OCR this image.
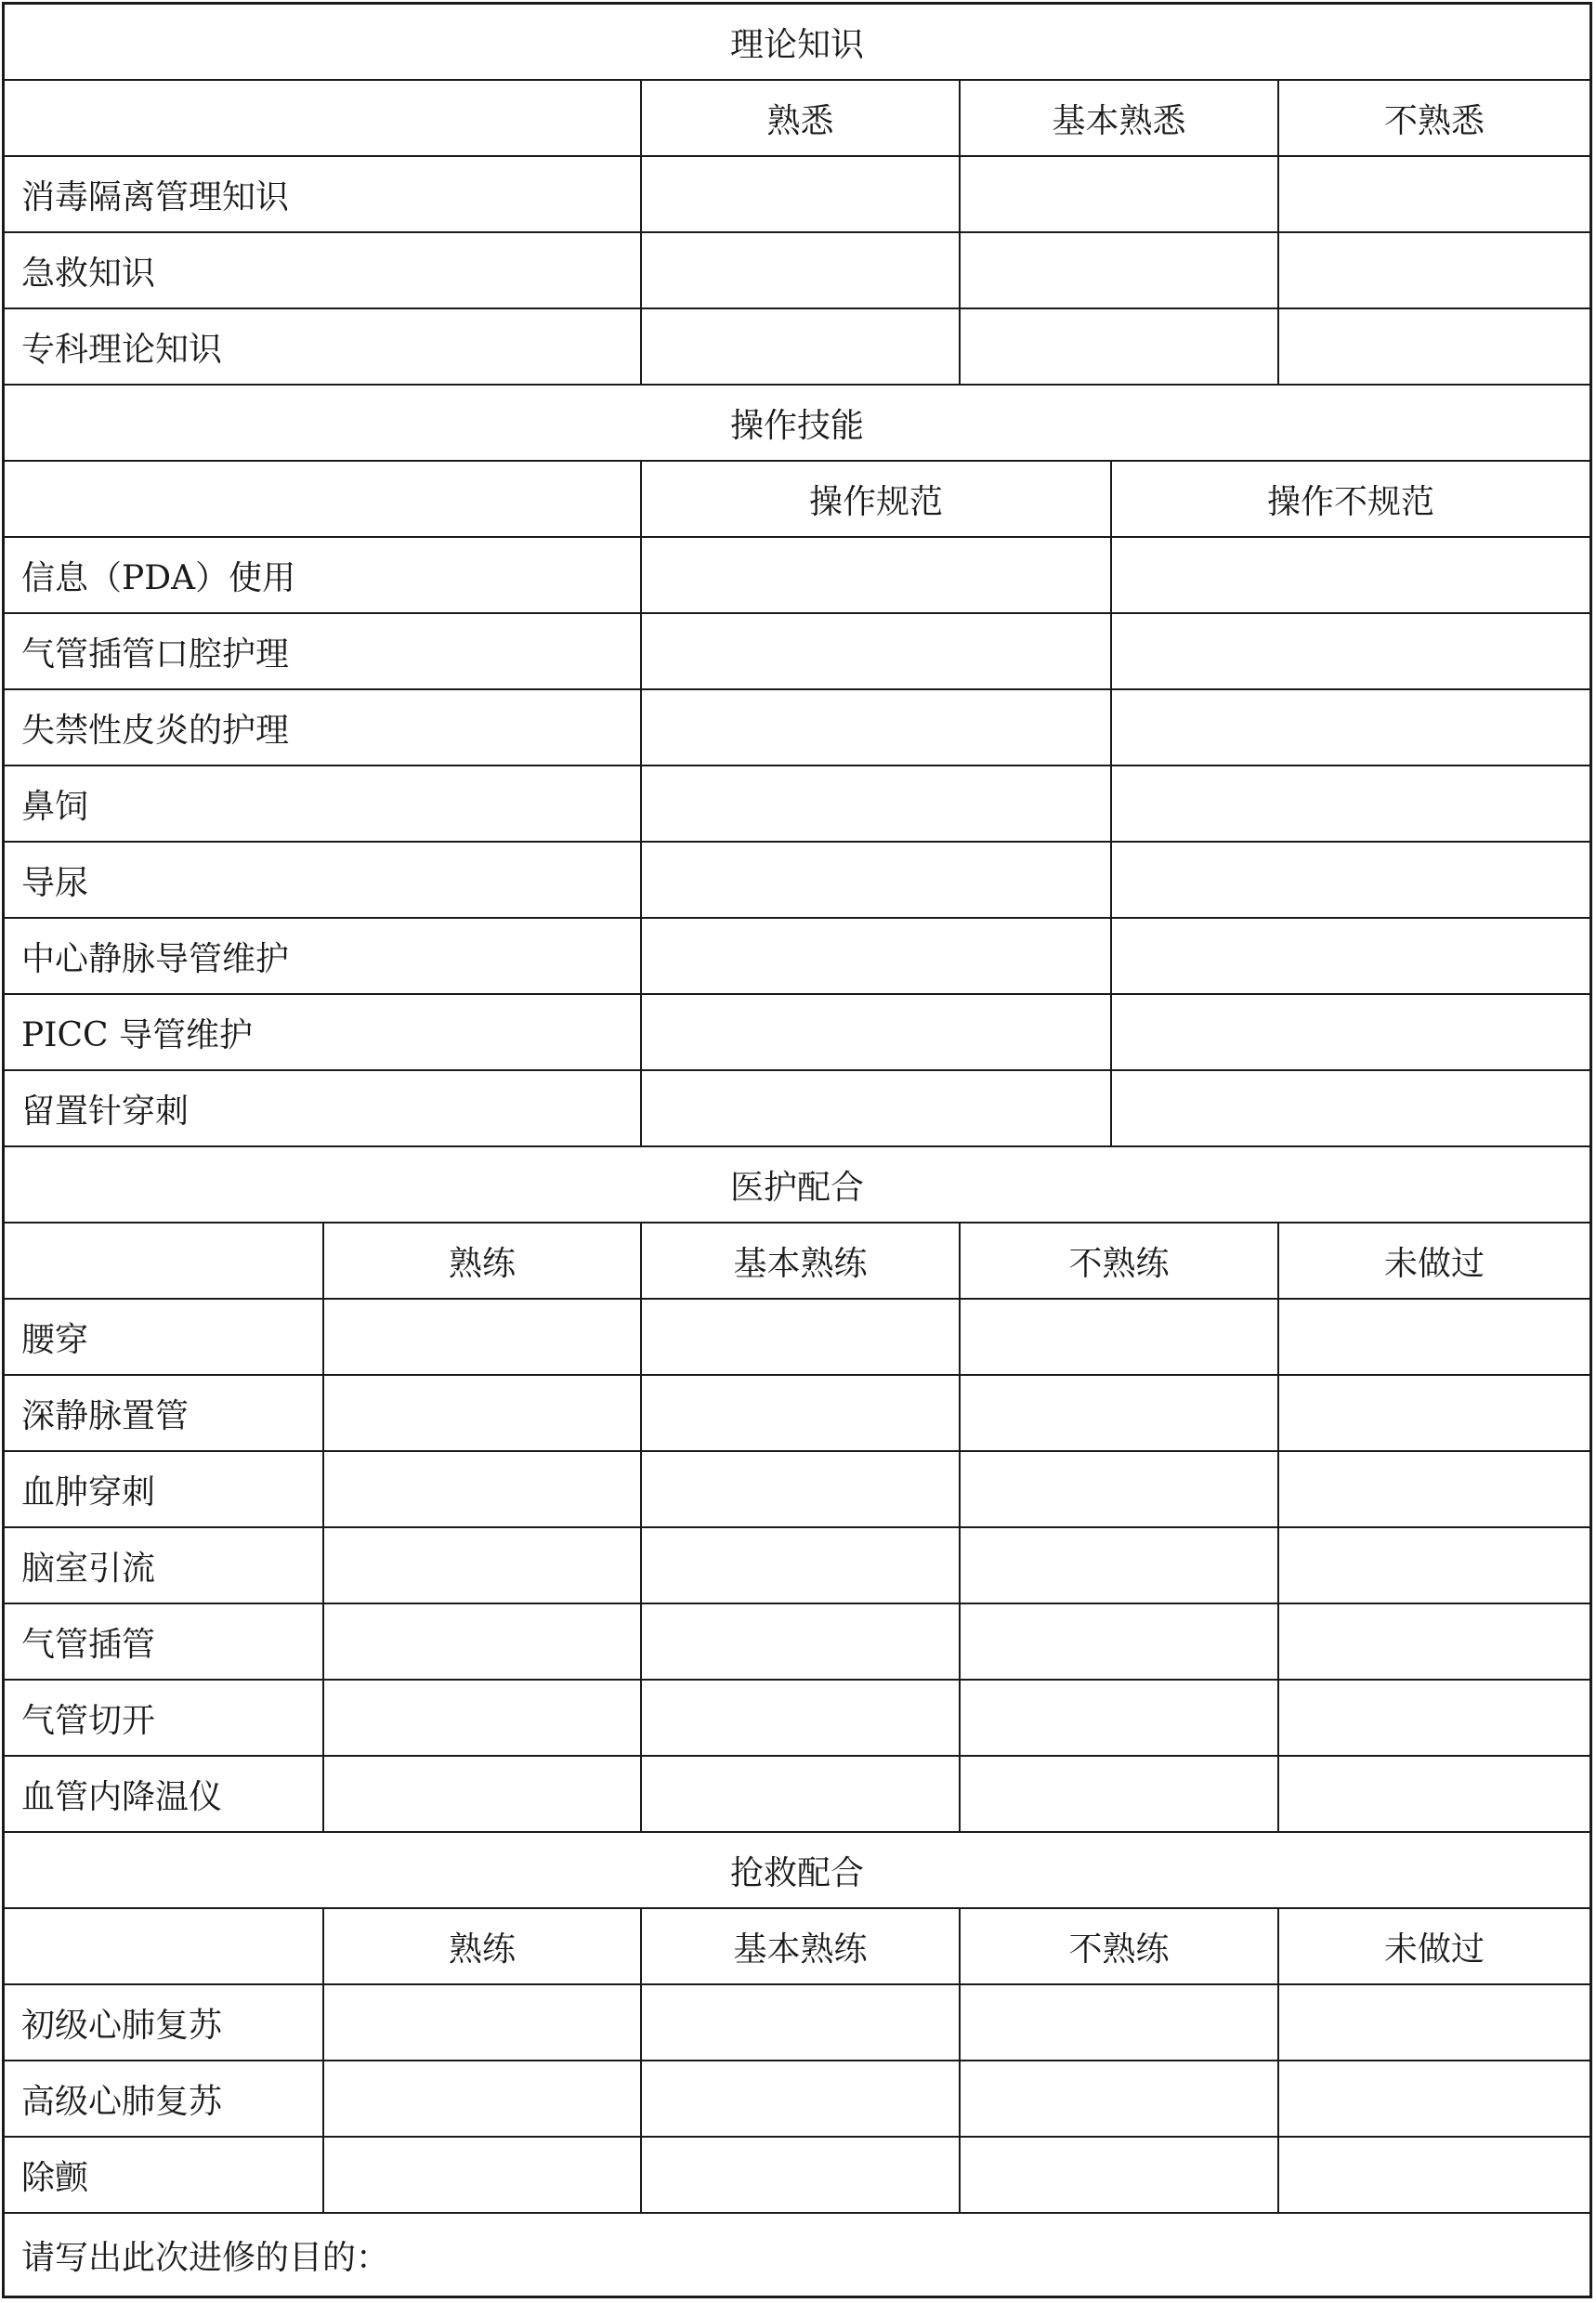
理论知识
熟悉	基本熟悉	不熟悉
消毒隔离管理知识
急救知识
专科理论知识
操作技能
操作规范	操作不规范
信息（PDA）使用
气管插管口腔护理
失禁性皮炎的护理
鼻饲
导尿
中心静脉导管维护
PICC 导管维护
留置针穿刺
医护配合
熟练	基本熟练	不熟练	未做过
腰穿
深静脉置管
血肿穿刺
脑室引流
气管插管
气管切开
血管内降温仪
抢救配合
熟练	基本熟练	不熟练	未做过
初级心肺复苏
高级心肺复苏
除颤
请写出此次进修的目的：
